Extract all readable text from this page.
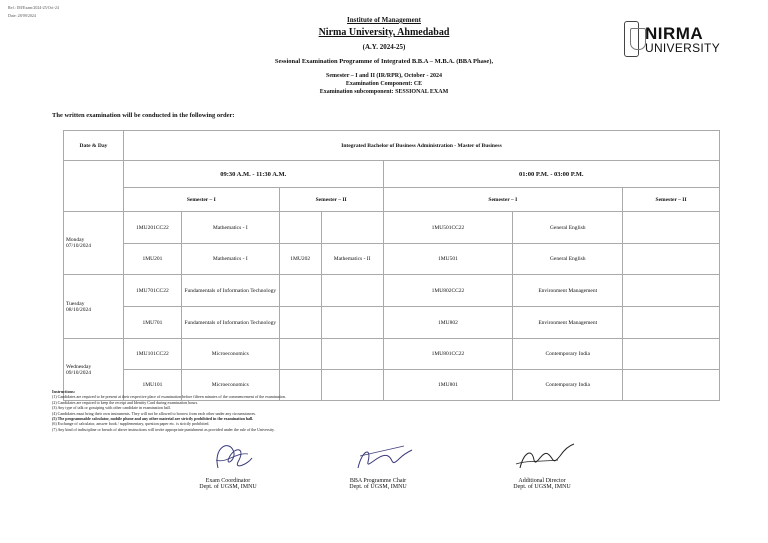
Ref.: IM/Exam/2024-25/Oct-24
Date: 28/09/2024
Institute of Management
Nirma University, Ahmedabad
(A.Y. 2024-25)
Sessional Examination Programme of Integrated B.B.A – M.B.A. (BBA Phase),
Semester – I and II (IR/RPR), October - 2024
Examination Component: CE
Examination subcomponent: SESSIONAL EXAM
NIRMA
UNIVERSITY
The written examination will be conducted in the following order:
Date & Day	Integrated Bachelor of Business Administration - Master of Business						
	09:30 A.M. - 11:30 A.M.				01:00 P.M. - 03:00 P.M.		
	Semester – I		Semester – II		Semester – I		Semester – II

Monday
07/10/2024	1MU201CC22	Mathematics - I			1MU501CC22	General English	
	1MU201	Mathematics - I	1MU202	Mathematics - II	1MU501	General English	

Tuesday
08/10/2024	1MU701CC22	Fundamentals of Information Technology			1MU802CC22	Environment Management	
	1MU701	Fundamentals of Information Technology			1MU802	Environment Management	

Wednesday
09/10/2024	1MU101CC22	Microeconomics			1MU801CC22	Contemporary India	
	1MU101	Microeconomics			1MU801	Contemporary India	
Instructions:
(1) Candidates are required to be present at their respective place of examination before fifteen minutes of the commencement of the examination.
(2) Candidates are required to keep the receipt and Identity Card during examination hours.
(3) Any type of talk or gossiping with other candidate in examination hall.
(4) Candidates must bring their own instruments. They will not be allowed to borrow from each other under any circumstances.
(5) The programmable calculator, mobile phone and any other material are strictly prohibited in the examination hall.
(6) Exchange of calculator, answer book / supplementary, question paper etc. is strictly prohibited.
(7) Any kind of indiscipline or breach of above instructions will invite appropriate punishment as provided under the rule of the University.
Exam Coordinator
Dept. of UGSM, IMNU
BBA Programme Chair
Dept. of UGSM, IMNU
Additional Director
Dept. of UGSM, IMNU
